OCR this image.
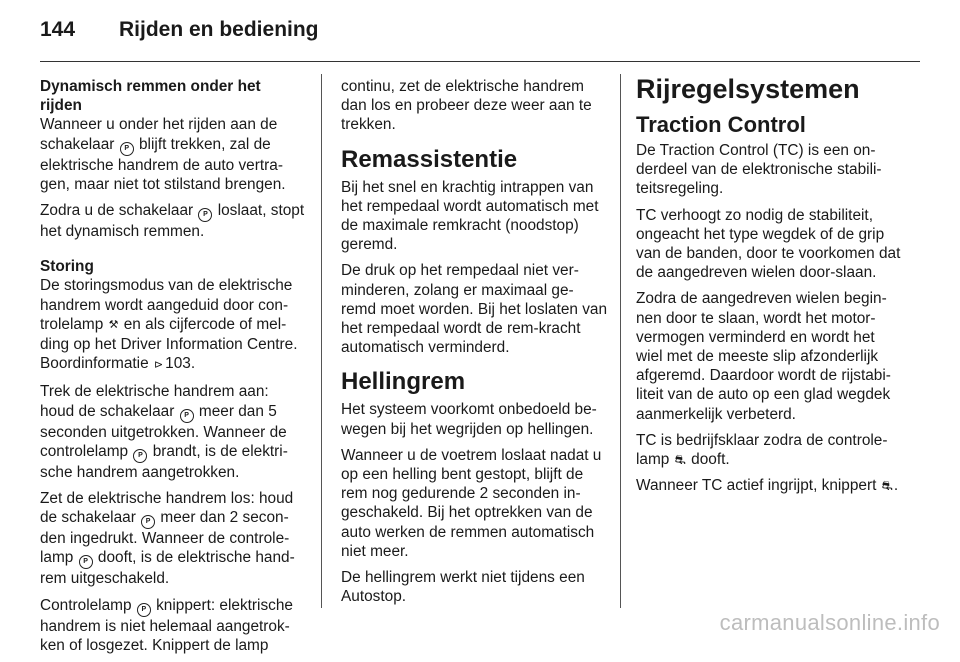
144 Rijden en bediening

Dynamisch remmen onder het rijden
Wanneer u onder het rijden aan de schakelaar P blijft trekken, zal de elektrische handrem de auto vertra-gen, maar niet tot stilstand brengen.

Zodra u de schakelaar P loslaat, stopt het dynamisch remmen.

Storing
De storingsmodus van de elektrische handrem wordt aangeduid door con-trolelamp ⚒ en als cijfercode of mel-ding op het Driver Information Centre. Boordinformatie ⊳ 103.

Trek de elektrische handrem aan: houd de schakelaar P meer dan 5 seconden uitgetrokken. Wanneer de controlelamp P brandt, is de elektri-sche handrem aangetrokken.

Zet de elektrische handrem los: houd de schakelaar P meer dan 2 secon-den ingedrukt. Wanneer de controle-lamp P dooft, is de elektrische hand-rem uitgeschakeld.

Controlelamp P knippert: elektrische handrem is niet helemaal aangetrok-ken of losgezet. Knippert de lamp

continu, zet de elektrische handrem dan los en probeer deze weer aan te trekken.

Remassistentie

Bij het snel en krachtig intrappen van het rempedaal wordt automatisch met de maximale remkracht (noodstop) geremd.

De druk op het rempedaal niet ver-minderen, zolang er maximaal ge-remd moet worden. Bij het loslaten van het rempedaal wordt de rem-kracht automatisch verminderd.

Hellingrem

Het systeem voorkomt onbedoeld be-wegen bij het wegrijden op hellingen.

Wanneer u de voetrem loslaat nadat u op een helling bent gestopt, blijft de rem nog gedurende 2 seconden in-geschakeld. Bij het optrekken van de auto werken de remmen automatisch niet meer.

De hellingrem werkt niet tijdens een Autostop.

Rijregelsystemen
Traction Control

De Traction Control (TC) is een on-derdeel van de elektronische stabili-teitsregeling.

TC verhoogt zo nodig de stabiliteit, ongeacht het type wegdek of de grip van de banden, door te voorkomen dat de aangedreven wielen door-slaan.

Zodra de aangedreven wielen begin-nen door te slaan, wordt het motor-vermogen verminderd en wordt het wiel met de meeste slip afzonderlijk afgeremd. Daardoor wordt de rijstabi-liteit van de auto op een glad wegdek aanmerkelijk verbeterd.

TC is bedrijfsklaar zodra de controle-lamp ⛐ dooft.

Wanneer TC actief ingrijpt, knippert ⛐.

carmanualsonline.info
